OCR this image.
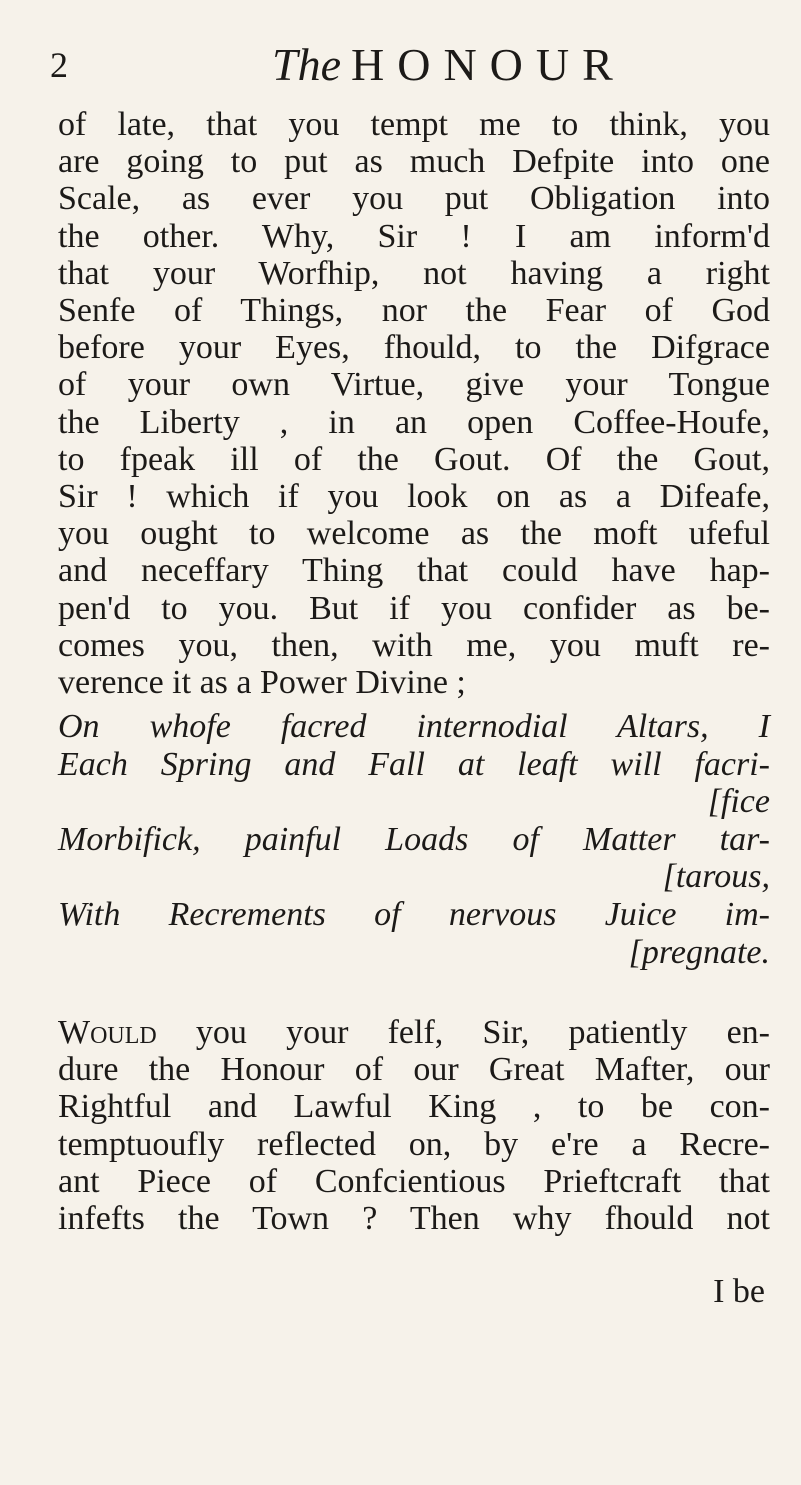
2	The HONOUR
of late, that you tempt me to think, you
are going to put as much Defpite into one
Scale, as ever you put Obligation into
the other. Why, Sir ! I am inform'd
that your Worfhip, not having a right
Senfe of Things, nor the Fear of God
before your Eyes, fhould, to the Difgrace
of your own Virtue, give your Tongue
the Liberty , in an open Coffee-Houfe,
to fpeak ill of the Gout. Of the Gout,
Sir ! which if you look on as a Difeafe,
you ought to welcome as the moft ufeful
and neceffary Thing that could have hap-
pen'd to you. But if you confider as be-
comes you, then, with me, you muft re-
verence it as a Power Divine ;
On whofe facred internodial Altars, I
Each Spring and Fall at leaft will facri-
[fice
Morbifick, painful Loads of Matter tar-
[tarous,
With Recrements of nervous Juice im-
[pregnate.
Would you your felf, Sir, patiently en-
dure the Honour of our Great Mafter, our
Rightful and Lawful King , to be con-
temptuoufly reflected on, by e're a Recre-
ant Piece of Confcientious Prieftcraft that
infefts the Town ? Then why fhould not
I be
